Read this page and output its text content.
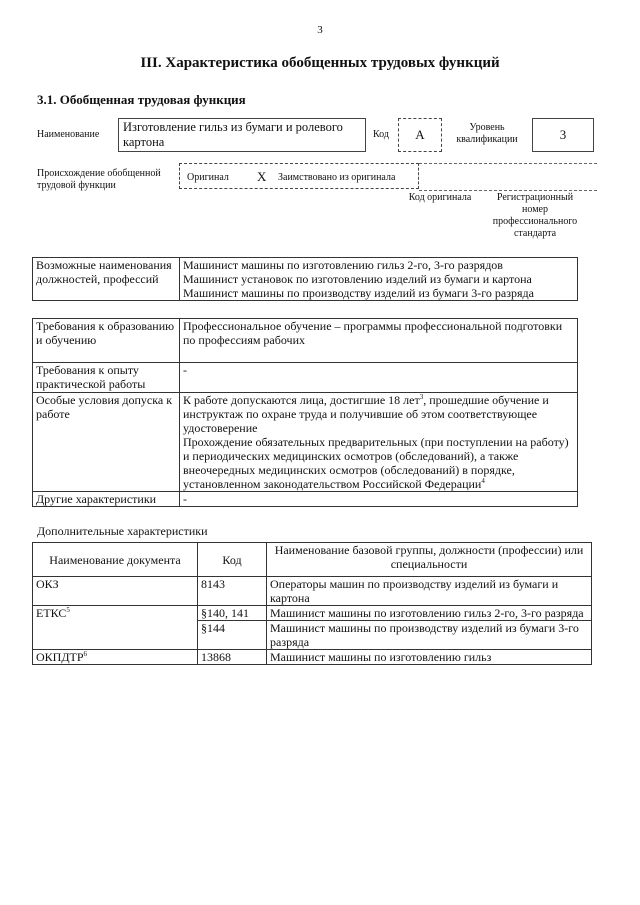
3
III. Характеристика обобщенных трудовых функций
3.1. Обобщенная трудовая функция
Наименование
Изготовление гильз из бумаги и ролевого картона
Код	А	Уровень квалификации	3
Происхождение обобщенной трудовой функции
Оригинал X Заимствовано из оригинала
Код оригинала	Регистрационный номер профессионального стандарта
Возможные наименования должностей, профессий	
Машинист машины по изготовлению гильз 2-го, 3-го разрядов
Машинист установок по изготовлению изделий из бумаги и картона
Машинист машины по производству изделий из бумаги 3-го разряда
Требования к образованию и обучению	Профессиональное обучение – программы профессиональной подготовки по профессиям рабочих
Требования к опыту практической работы	-
Особые условия допуска к работе	К работе допускаются лица, достигшие 18 лет$^3$, прошедшие обучение и инструктаж по охране труда и получившие об этом соответствующее удостоверение
Прохождение обязательных предварительных (при поступлении на работу) и периодических медицинских осмотров (обследований), а также внеочередных медицинских осмотров (обследований) в порядке, установленном законодательством Российской Федерации$^4$

Другие характеристики	-
Дополнительные характеристики
Наименование документа	Код	Наименование базовой группы, должности (профессии) или специальности
ОКЗ	8143	Операторы машин по производству изделий из бумаги и картона
ЕТКС$^5$	§140, 141	Машинист машины по изготовлению гильз 2-го, 3-го разряда
	§144	Машинист машины по производству изделий из бумаги 3-го разряда
ОКПДТР$^6$	13868	Машинист машины по изготовлению гильз
